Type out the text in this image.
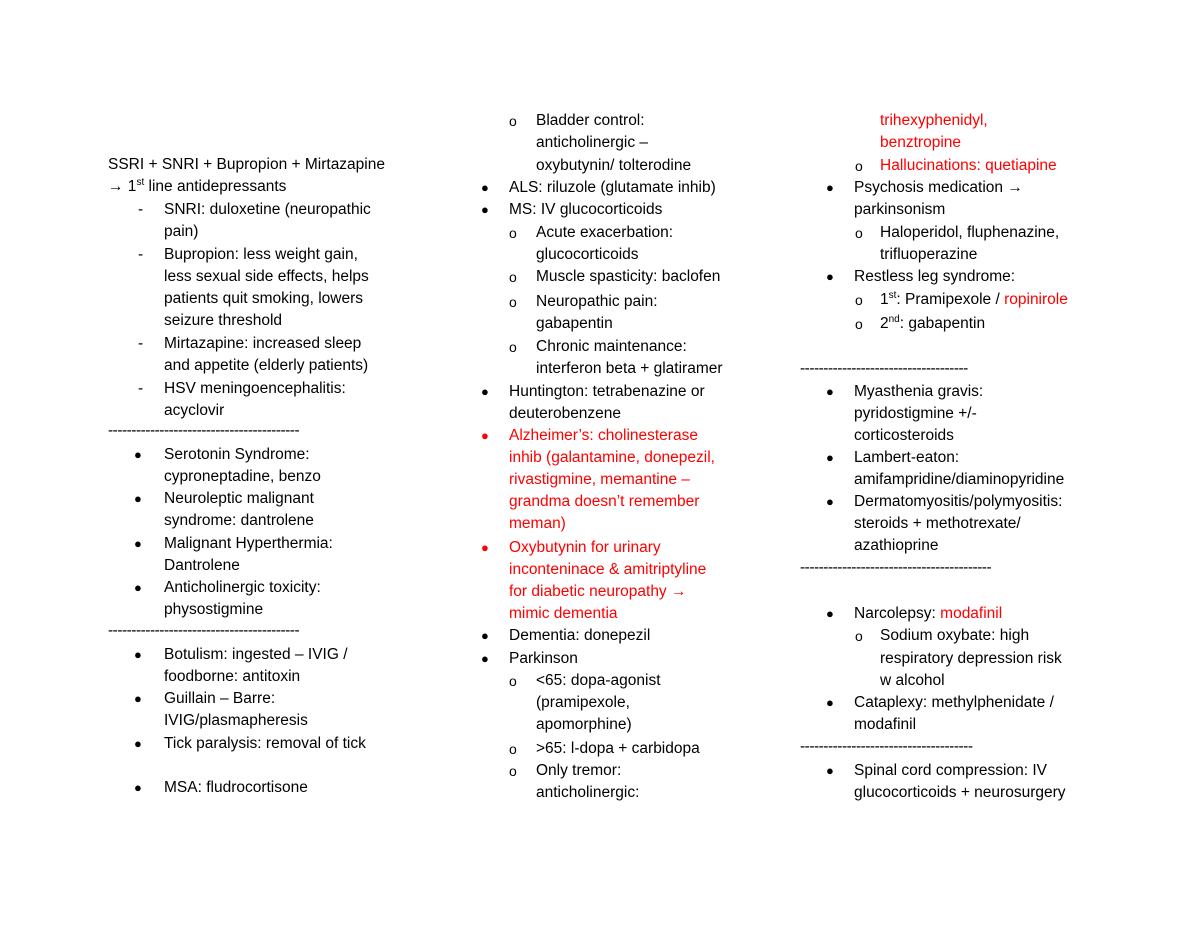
SSRI + SNRI + Bupropion + Mirtazapine
→ 1st line antidepressants
- SNRI: duloxetine (neuropathic
pain)
- Bupropion: less weight gain,
less sexual side effects, helps
patients quit smoking, lowers
seizure threshold
- Mirtazapine: increased sleep
and appetite (elderly patients)
- HSV meningoencephalitis:
acyclovir
-----------------------------------------
● Serotonin Syndrome:
cyproneptadine, benzo
● Neuroleptic malignant
syndrome: dantrolene
● Malignant Hyperthermia:
Dantrolene
● Anticholinergic toxicity:
physostigmine
-----------------------------------------
● Botulism: ingested – IVIG /
foodborne: antitoxin
● Guillain – Barre:
IVIG/plasmapheresis
● Tick paralysis: removal of tick
● MSA: fludrocortisone
o Bladder control:
anticholinergic –
oxybutynin/ tolterodine
● ALS: riluzole (glutamate inhib)
● MS: IV glucocorticoids
o Acute exacerbation:
glucocorticoids
o Muscle spasticity: baclofen
o Neuropathic pain:
gabapentin
o Chronic maintenance:
interferon beta + glatiramer
● Huntington: tetrabenazine or
deuterobenzene
● Alzheimer’s: cholinesterase
inhib (galantamine, donepezil,
rivastigmine, memantine –
grandma doesn’t remember
meman)
● Oxybutynin for urinary
inconteninace & amitriptyline
for diabetic neuropathy →
mimic dementia
● Dementia: donepezil
● Parkinson
o <65: dopa-agonist
(pramipexole,
apomorphine)
o >65: l-dopa + carbidopa
o Only tremor:
anticholinergic:
trihexyphenidyl,
benztropine
o Hallucinations: quetiapine
● Psychosis medication →
parkinsonism
o Haloperidol, fluphenazine,
trifluoperazine
● Restless leg syndrome:
o 1st: Pramipexole / ropinirole
o 2nd: gabapentin
------------------------------------
● Myasthenia gravis:
pyridostigmine +/-
corticosteroids
● Lambert-eaton:
amifampridine/diaminopyridine
● Dermatomyositis/polymyositis:
steroids + methotrexate/
azathioprine
-----------------------------------------
● Narcolepsy: modafinil
o Sodium oxybate: high
respiratory depression risk
w alcohol
● Cataplexy: methylphenidate /
modafinil
-------------------------------------
● Spinal cord compression: IV
glucocorticoids + neurosurgery
